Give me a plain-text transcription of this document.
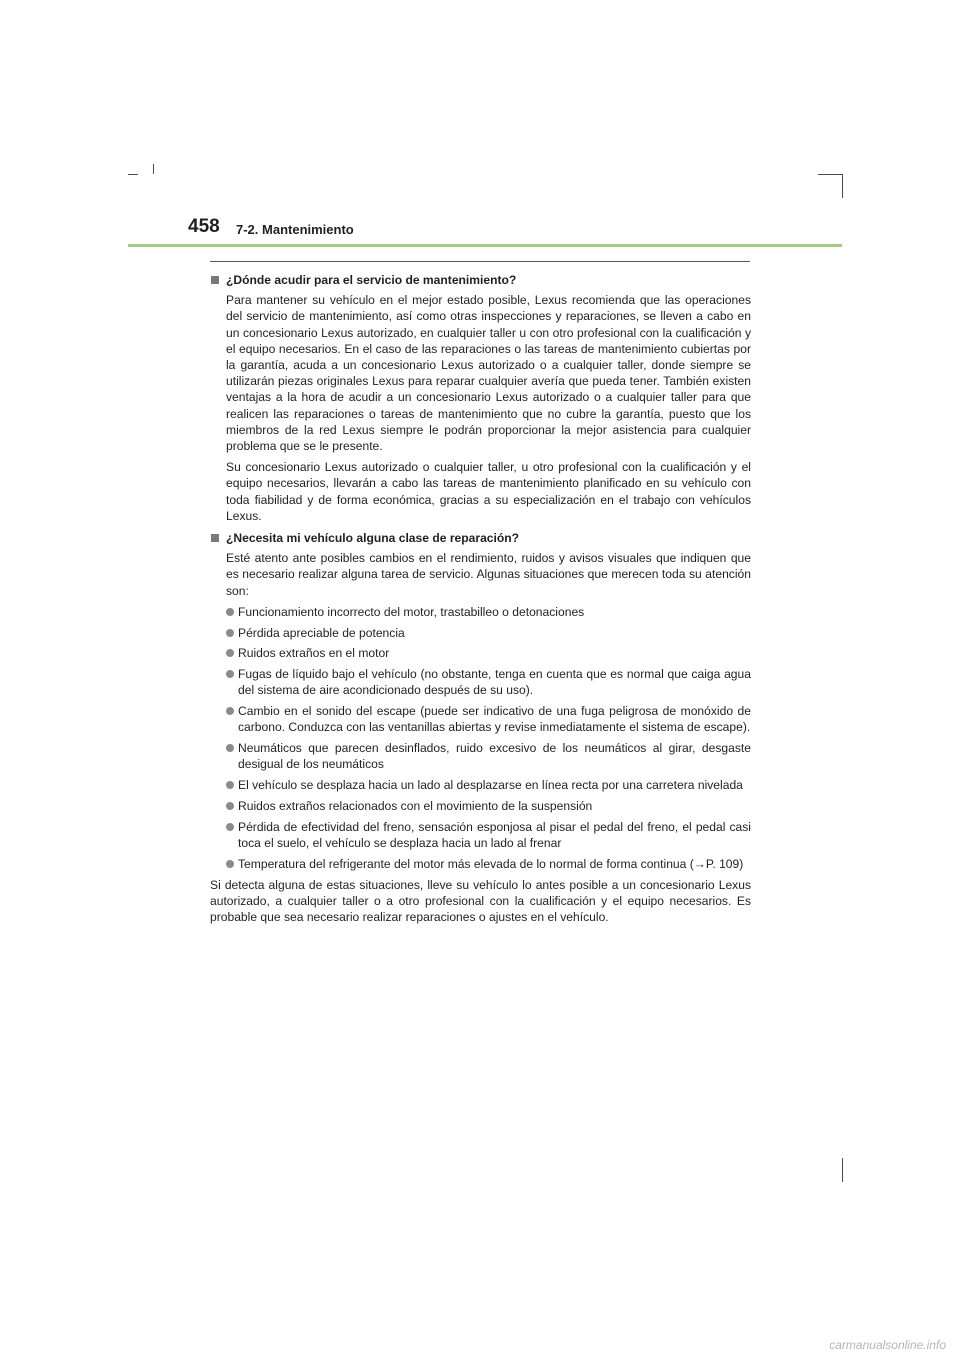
458 7-2. Mantenimiento
¿Dónde acudir para el servicio de mantenimiento?

Para mantener su vehículo en el mejor estado posible, Lexus recomienda que las operaciones del servicio de mantenimiento, así como otras inspecciones y reparaciones, se lleven a cabo en un concesionario Lexus autorizado, en cualquier taller u con otro profesional con la cualificación y el equipo necesarios. En el caso de las reparaciones o las tareas de mantenimiento cubiertas por la garantía, acuda a un concesionario Lexus autorizado o a cualquier taller, donde siempre se utilizarán piezas originales Lexus para reparar cualquier avería que pueda tener. También existen ventajas a la hora de acudir a un concesionario Lexus autorizado o a cualquier taller para que realicen las reparaciones o tareas de mantenimiento que no cubre la garantía, puesto que los miembros de la red Lexus siempre le podrán proporcionar la mejor asistencia para cualquier problema que se le presente.

Su concesionario Lexus autorizado o cualquier taller, u otro profesional con la cualificación y el equipo necesarios, llevarán a cabo las tareas de mantenimiento planificado en su vehículo con toda fiabilidad y de forma económica, gracias a su especialización en el trabajo con vehículos Lexus.

¿Necesita mi vehículo alguna clase de reparación?

Esté atento ante posibles cambios en el rendimiento, ruidos y avisos visuales que indiquen que es necesario realizar alguna tarea de servicio. Algunas situaciones que merecen toda su atención son:

Funcionamiento incorrecto del motor, trastabilleo o detonaciones
Pérdida apreciable de potencia
Ruidos extraños en el motor
Fugas de líquido bajo el vehículo (no obstante, tenga en cuenta que es normal que caiga agua del sistema de aire acondicionado después de su uso).
Cambio en el sonido del escape (puede ser indicativo de una fuga peligrosa de monóxido de carbono. Conduzca con las ventanillas abiertas y revise inmediatamente el sistema de escape).
Neumáticos que parecen desinflados, ruido excesivo de los neumáticos al girar, desgaste desigual de los neumáticos
El vehículo se desplaza hacia un lado al desplazarse en línea recta por una carretera nivelada
Ruidos extraños relacionados con el movimiento de la suspensión
Pérdida de efectividad del freno, sensación esponjosa al pisar el pedal del freno, el pedal casi toca el suelo, el vehículo se desplaza hacia un lado al frenar
Temperatura del refrigerante del motor más elevada de lo normal de forma continua (→P. 109)

Si detecta alguna de estas situaciones, lleve su vehículo lo antes posible a un concesionario Lexus autorizado, a cualquier taller o a otro profesional con la cualificación y el equipo necesarios. Es probable que sea necesario realizar reparaciones o ajustes en el vehículo.

carmanualsonline.info
